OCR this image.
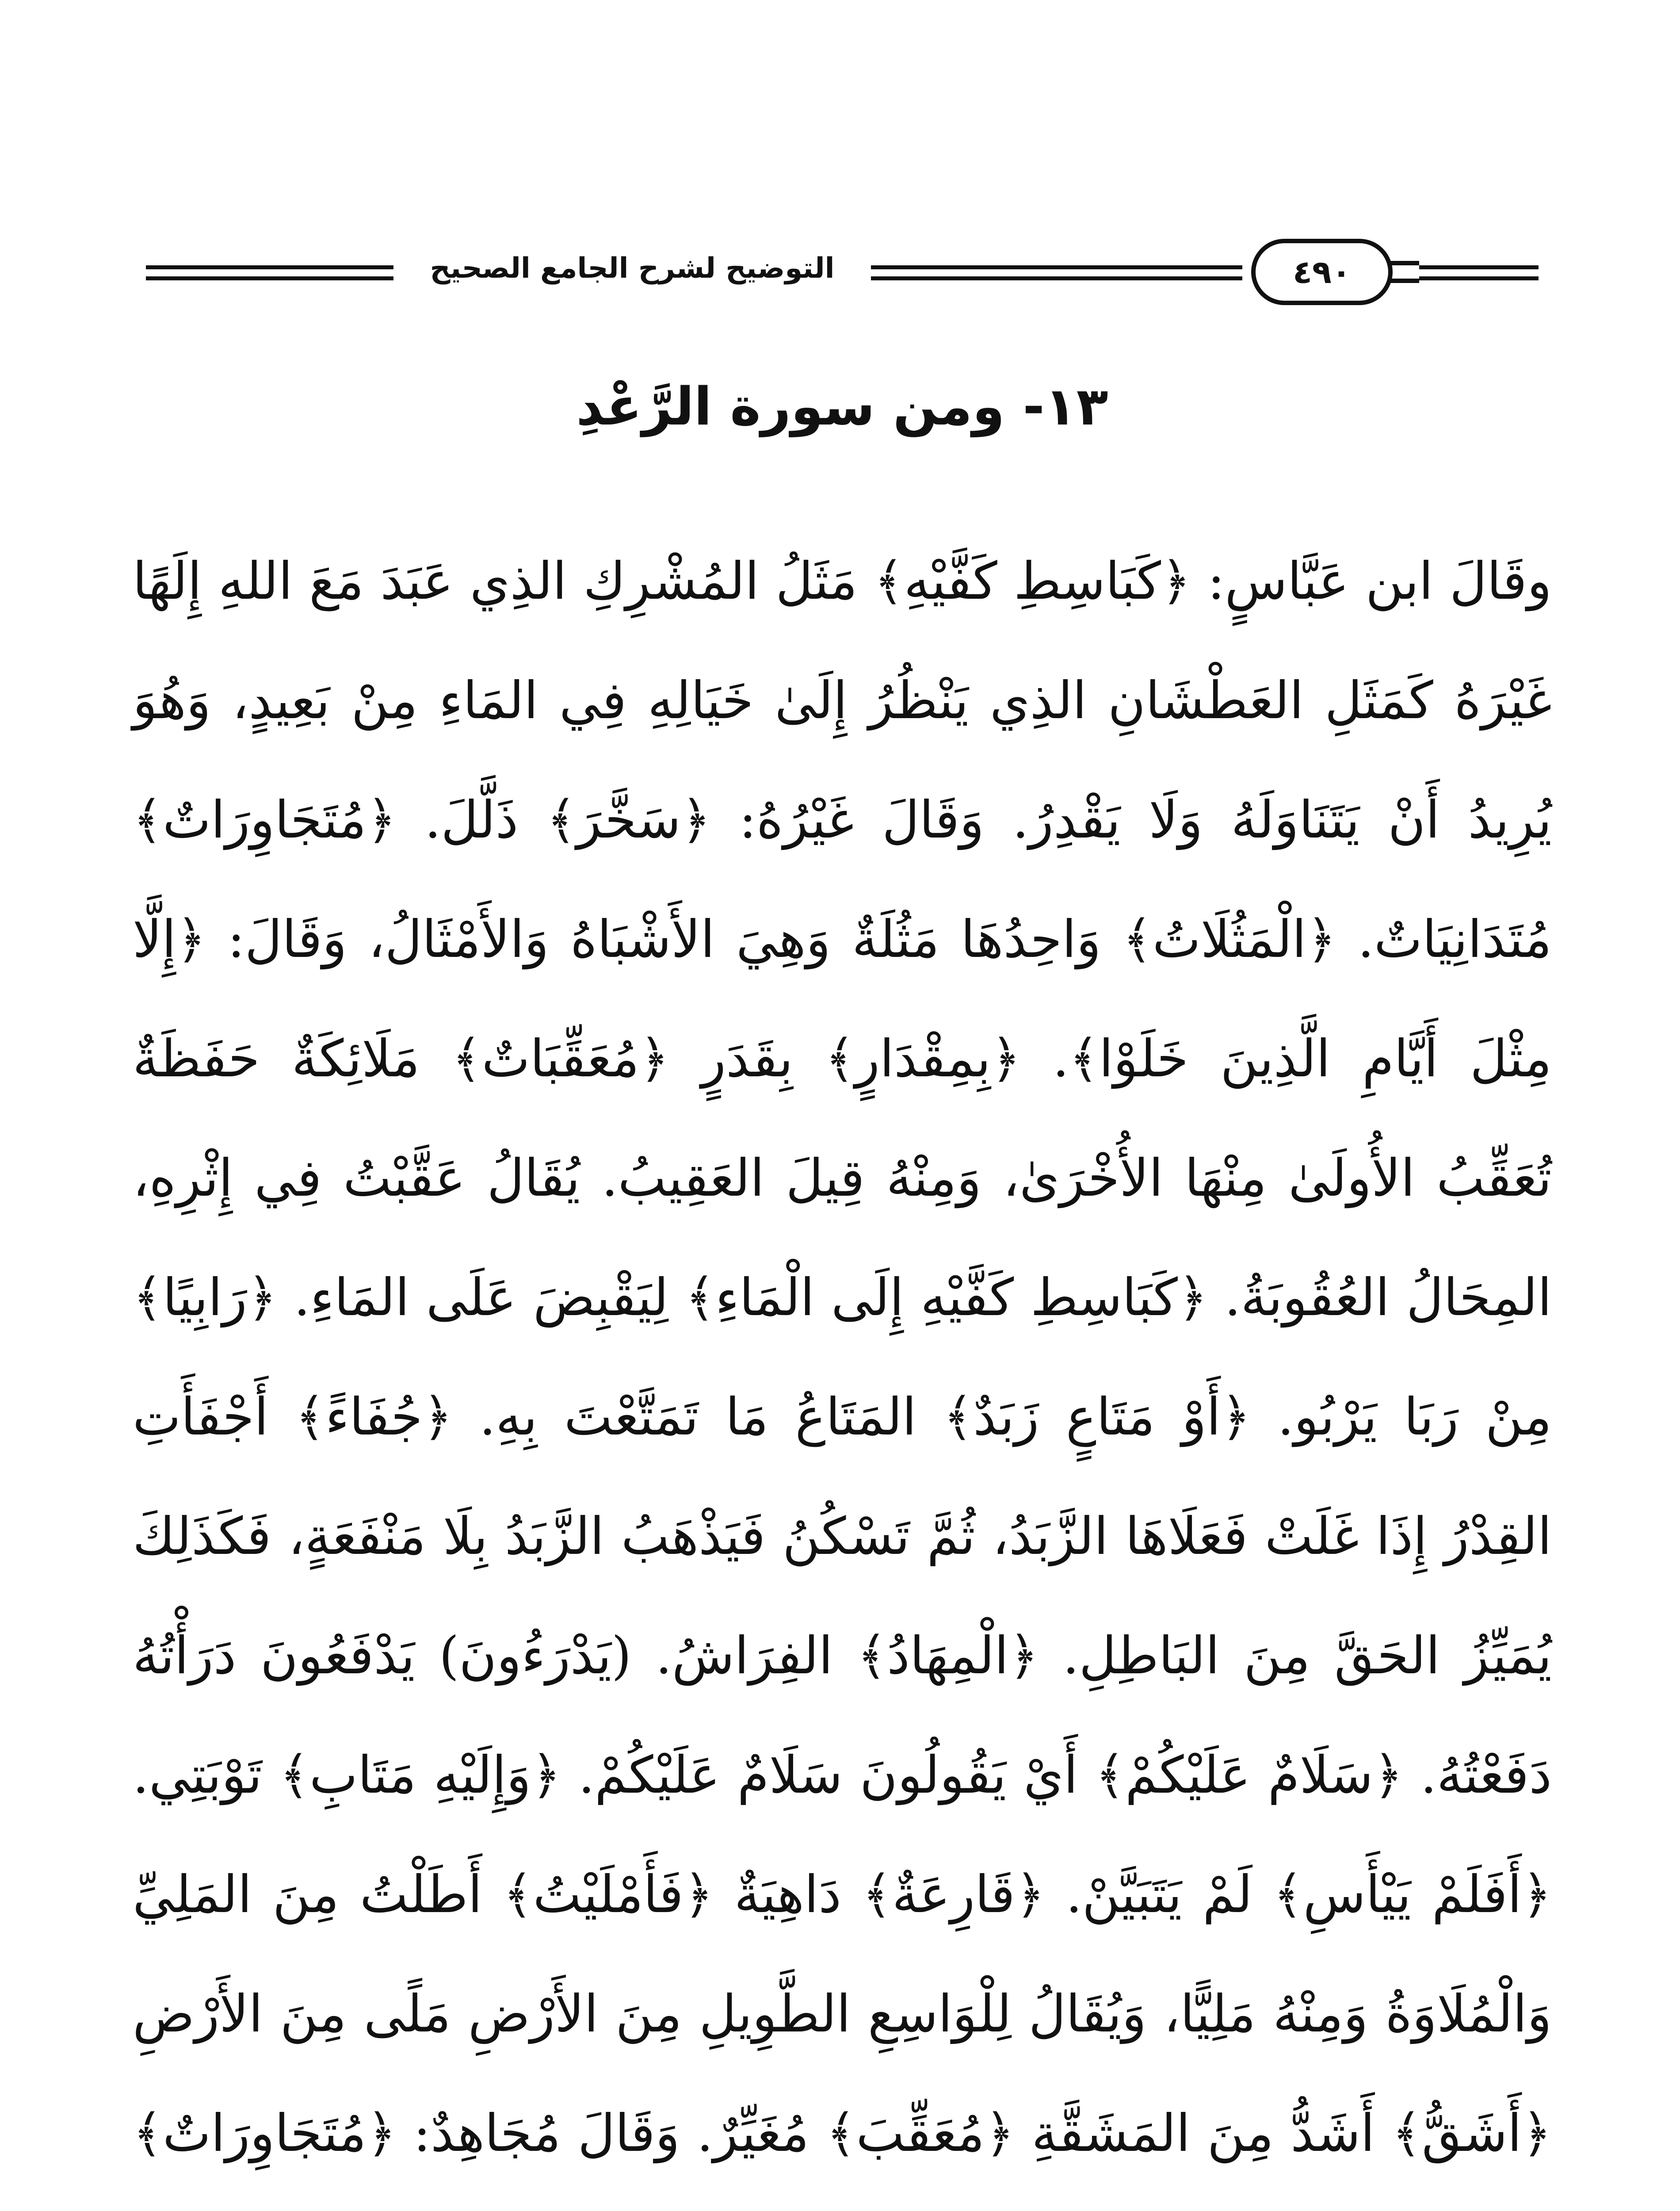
التوضيح لشرح الجامع الصحيح	٤٩٠
١٣- ومن سورة الرَّعْدِ

وقَالَ ابن عَبَّاسٍ: ﴿كَبَاسِطِ كَفَّيْهِ﴾ مَثَلُ المُشْرِكِ الذِي عَبَدَ مَعَ اللهِ إِلَهًا غَيْرَهُ كَمَثَلِ العَطْشَانِ الذِي يَنْظُرُ إِلَىٰ خَيَالِهِ فِي المَاءِ مِنْ بَعِيدٍ، وَهُوَ يُرِيدُ أَنْ يَتَنَاوَلَهُ وَلَا يَقْدِرُ. وَقَالَ غَيْرُهُ: ﴿سَخَّرَ﴾ ذَلَّلَ. ﴿مُتَجَاوِرَاتٌ﴾ مُتَدَانِيَاتٌ. ﴿الْمَثُلَاتُ﴾ وَاحِدُهَا مَثُلَةٌ وَهِيَ الأَشْبَاهُ وَالأَمْثَالُ، وَقَالَ: ﴿إِلَّا مِثْلَ أَيَّامِ الَّذِينَ خَلَوْا﴾. ﴿بِمِقْدَارٍ﴾ بِقَدَرٍ ﴿مُعَقِّبَاتٌ﴾ مَلَائِكَةٌ حَفَظَةٌ تُعَقِّبُ الأُولَىٰ مِنْهَا الأُخْرَىٰ، وَمِنْهُ قِيلَ العَقِيبُ. يُقَالُ عَقَّبْتُ فِي إِثْرِهِ، المِحَالُ العُقُوبَةُ. ﴿كَبَاسِطِ كَفَّيْهِ إِلَى الْمَاءِ﴾ لِيَقْبِضَ عَلَى المَاءِ. ﴿رَابِيًا﴾ مِنْ رَبَا يَرْبُو. ﴿أَوْ مَتَاعٍ زَبَدٌ﴾ المَتَاعُ مَا تَمَتَّعْتَ بِهِ. ﴿جُفَاءً﴾ أَجْفَأَتِ القِدْرُ إِذَا غَلَتْ فَعَلَاهَا الزَّبَدُ، ثُمَّ تَسْكُنُ فَيَذْهَبُ الزَّبَدُ بِلَا مَنْفَعَةٍ، فَكَذَلِكَ يُمَيِّزُ الحَقَّ مِنَ البَاطِلِ. ﴿الْمِهَادُ﴾ الفِرَاشُ. (يَدْرَءُونَ) يَدْفَعُونَ دَرَأْتُهُ دَفَعْتُهُ. ﴿سَلَامٌ عَلَيْكُمْ﴾ أَيْ يَقُولُونَ سَلَامٌ عَلَيْكُمْ. ﴿وَإِلَيْهِ مَتَابِ﴾ تَوْبَتِي. ﴿أَفَلَمْ يَيْأَسِ﴾ لَمْ يَتَبَيَّنْ. ﴿قَارِعَةٌ﴾ دَاهِيَةٌ ﴿فَأَمْلَيْتُ﴾ أَطَلْتُ مِنَ المَلِيِّ وَالْمُلَاوَةُ وَمِنْهُ مَلِيًّا، وَيُقَالُ لِلْوَاسِعِ الطَّوِيلِ مِنَ الأَرْضِ مَلًى مِنَ الأَرْضِ ﴿أَشَقُّ﴾ أَشَدُّ مِنَ المَشَقَّةِ ﴿مُعَقِّبَ﴾ مُغَيِّرٌ. وَقَالَ مُجَاهِدٌ: ﴿مُتَجَاوِرَاتٌ﴾
